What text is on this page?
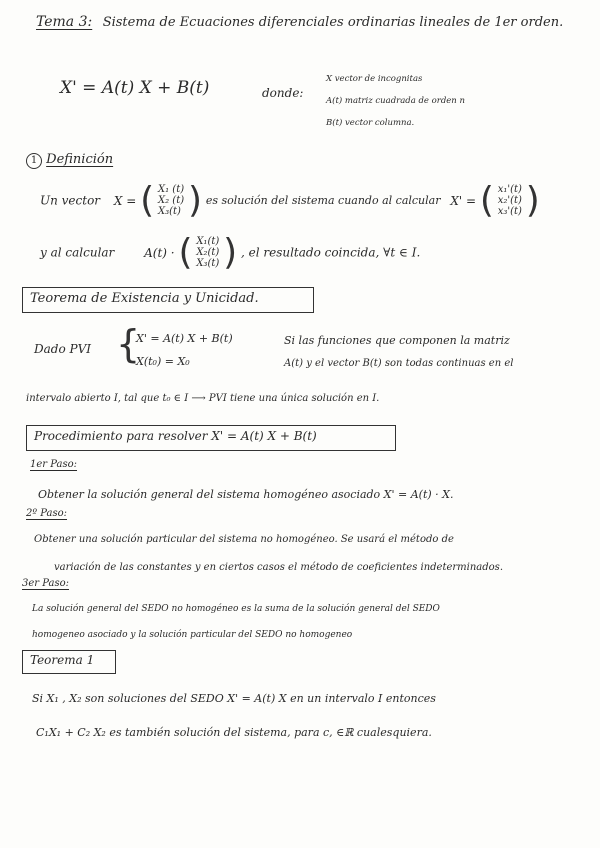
Tema 3: Sistema de Ecuaciones diferenciales ordinarias lineales de 1er orden.
X' = A(t) X + B(t)	donde:
X vector de incognitas
A(t) matriz cuadrada de orden n
B(t) vector columna.
1 Definición
Un vector X = ( X₁ (t)
X₂ (t)
X₃(t) ) es solución del sistema cuando al calcular X' = ( x₁'(t)
x₂'(t)
x₃'(t) )
y al calcular A(t) · ( X₁(t)
X₂(t)
X₃(t) ) , el resultado coincida, ∀t ∈ I.
Teorema de Existencia y Unicidad.
Dado PVI {
X' = A(t) X + B(t)
X(t₀) = X₀
Si las funciones que componen la matriz
A(t) y el vector B(t) son todas continuas en el
intervalo abierto I, tal que t₀ ∈ I ⟶ PVI tiene una única solución en I.
Procedimiento para resolver X' = A(t) X + B(t)
1er Paso:
Obtener la solución general del sistema homogéneo asociado X' = A(t) · X.
2º Paso:
Obtener una solución particular del sistema no homogéneo. Se usará el método de
variación de las constantes y en ciertos casos el método de coeficientes indeterminados.
3er Paso:
La solución general del SEDO no homogéneo es la suma de la solución general del SEDO
homogeneo asociado y la solución particular del SEDO no homogeneo
Teorema 1
Si X₁ , X₂ son soluciones del SEDO X' = A(t) X en un intervalo I entonces
C₁X₁ + C₂ X₂ es también solución del sistema, para c, ∈ℝ cualesquiera.
